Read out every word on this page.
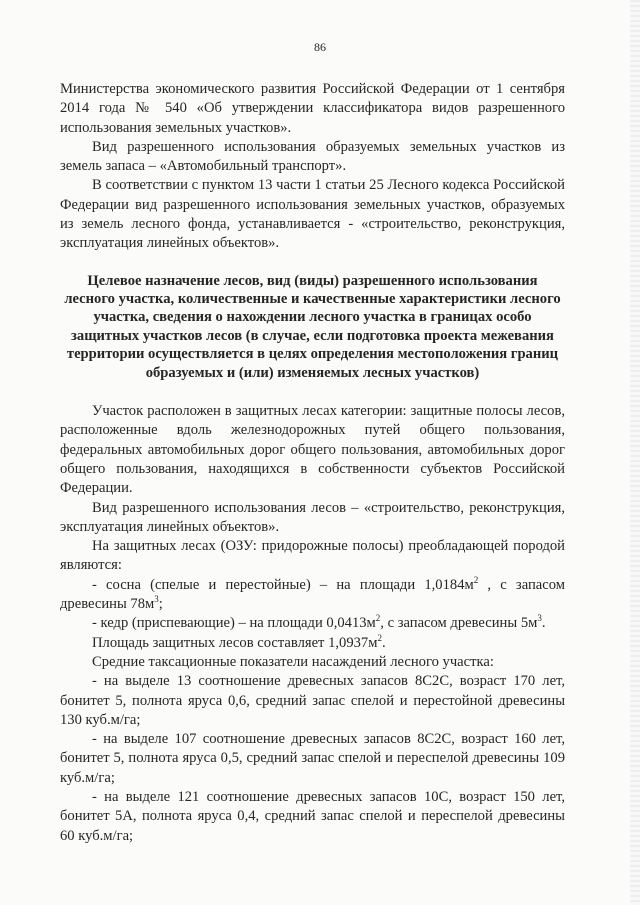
86

Министерства экономического развития Российской Федерации от 1 сентября 2014 года № 540 «Об утверждении классификатора видов разрешенного использования земельных участков».

Вид разрешенного использования образуемых земельных участков из земель запаса – «Автомобильный транспорт».

В соответствии с пунктом 13 части 1 статьи 25 Лесного кодекса Российской Федерации вид разрешенного использования земельных участков, образуемых из земель лесного фонда, устанавливается - «строительство, реконструкция, эксплуатация линейных объектов».

Целевое назначение лесов, вид (виды) разрешенного использования лесного участка, количественные и качественные характеристики лесного участка, сведения о нахождении лесного участка в границах особо защитных участков лесов (в случае, если подготовка проекта межевания территории осуществляется в целях определения местоположения границ образуемых и (или) изменяемых лесных участков)

Участок расположен в защитных лесах категории: защитные полосы лесов, расположенные вдоль железнодорожных путей общего пользования, федеральных автомобильных дорог общего пользования, автомобильных дорог общего пользования, находящихся в собственности субъектов Российской Федерации.

Вид разрешенного использования лесов – «строительство, реконструкция, эксплуатация линейных объектов».

На защитных лесах (ОЗУ: придорожные полосы) преобладающей породой являются:

- сосна (спелые и перестойные) – на площади $1,0184м^2$ , с запасом древесины $78м^3$;

- кедр (приспевающие) – на площади $0,0413м^2$, с запасом древесины $5м^3$.

Площадь защитных лесов составляет $1,0937м^2$.

Средние таксационные показатели насаждений лесного участка:

- на выделе 13 соотношение древесных запасов 8С2С, возраст 170 лет, бонитет 5, полнота яруса 0,6, средний запас спелой и перестойной древесины 130 куб.м/га;

- на выделе 107 соотношение древесных запасов 8С2С, возраст 160 лет, бонитет 5, полнота яруса 0,5, средний запас спелой и переспелой древесины 109 куб.м/га;

- на выделе 121 соотношение древесных запасов 10С, возраст 150 лет, бонитет 5А, полнота яруса 0,4, средний запас спелой и переспелой древесины 60 куб.м/га;
